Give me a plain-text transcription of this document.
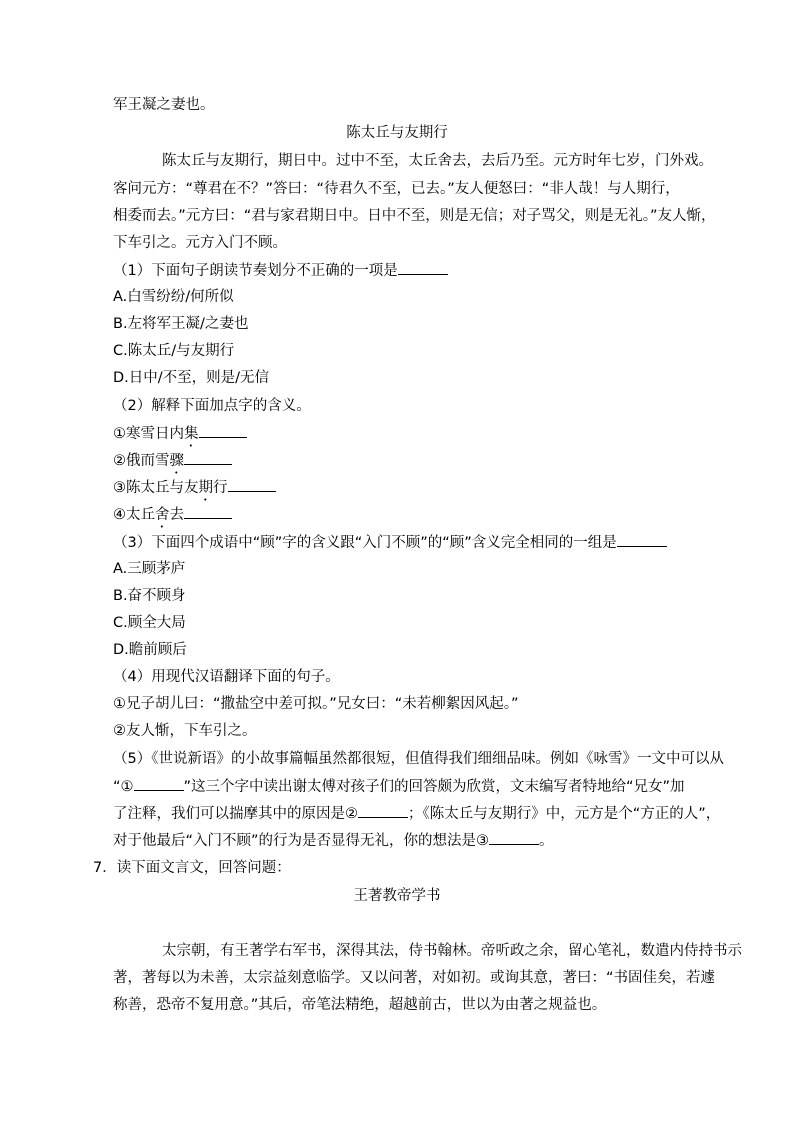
军王凝之妻也。
陈太丘与友期行
陈太丘与友期行，期日中。过中不至，太丘舍去，去后乃至。元方时年七岁，门外戏。
客问元方：“尊君在不？”答曰：“待君久不至，已去。”友人便怒曰：“非人哉！与人期行，
相委而去。”元方曰：“君与家君期日中。日中不至，则是无信；对子骂父，则是无礼。”友人惭，
下车引之。元方入门不顾。
（1）下面句子朗读节奏划分不正确的一项是
A.白雪纷纷/何所似
B.左将军王凝/之妻也
C.陈太丘/与友期行
D.日中/不至，则是/无信
（2）解释下面加点字的含义。
①寒雪日内集
②俄而雪骤
③陈太丘与友期行
④太丘舍去
（3）下面四个成语中“顾”字的含义跟“入门不顾”的“顾”含义完全相同的一组是
A.三顾茅庐
B.奋不顾身
C.顾全大局
D.瞻前顾后
（4）用现代汉语翻译下面的句子。
①兄子胡儿曰：“撒盐空中差可拟。”兄女曰：“未若柳絮因风起。”
②友人惭，下车引之。
（5）《世说新语》的小故事篇幅虽然都很短，但值得我们细细品味。例如《咏雪》一文中可以从
“①	”这三个字中读出谢太傅对孩子们的回答颇为欣赏，文末编写者特地给“兄女”加
了注释，我们可以揣摩其中的原因是②	；《陈太丘与友期行》中，元方是个“方正的人”，
对于他最后“入门不顾”的行为是否显得无礼，你的想法是③	。
7．读下面文言文，回答问题：
王著教帝学书
太宗朝，有王著学右军书，深得其法，侍书翰林。帝听政之余，留心笔礼，数遣内侍持书示
著，著每以为未善，太宗益刻意临学。又以问著，对如初。或询其意，著曰：“书固佳矣，若遽
称善，恐帝不复用意。”其后，帝笔法精绝，超越前古，世以为由著之规益也。
